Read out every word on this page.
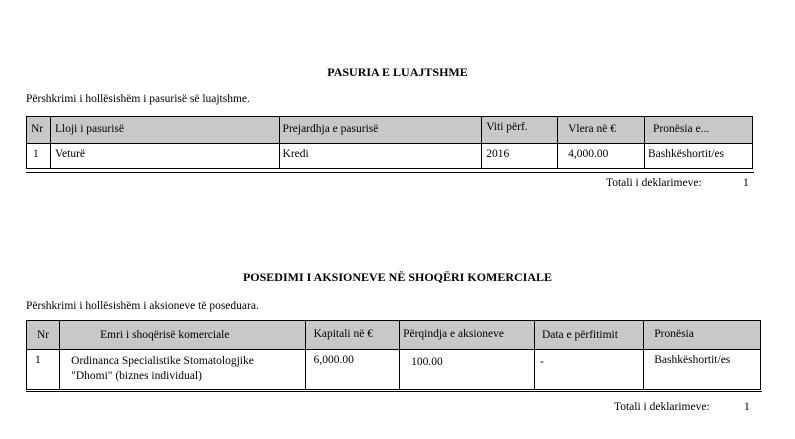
PASURIA E LUAJTSHME
Përshkrimi i hollësishëm i pasurisë së luajtshme.
Nr	Lloji i pasurisë	Prejardhja e pasurisë	Viti përf.	Vlera në €	Pronësia e...

1	Veturë	Kredi	2016	4,000.00	Bashkëshortit/es
Totali i deklarimeve:	1
POSEDIMI I AKSIONEVE NË SHOQËRI KOMERCIALE
Përshkrimi i hollësishëm i aksioneve të poseduara.
Nr	Emri i shoqërisë komerciale	Kapitali në €	Përqindja e aksioneve	Data e përfitimit	Pronësia

1	Ordinanca Specialistike Stomatologjike "Dhomi" (biznes individual)	6,000.00	100.00	-	Bashkëshortit/es
Totali i deklarimeve:	1
